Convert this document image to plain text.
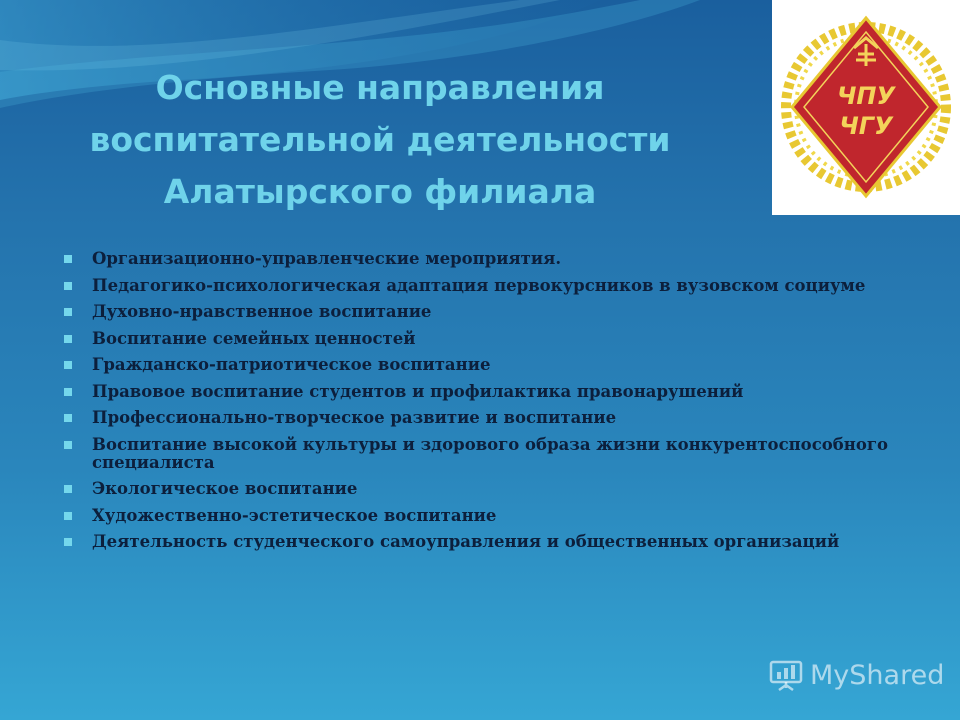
Основные направления
воспитательной деятельности
Алатырского филиала
ЧПУ
ЧГУ
Организационно-управленческие мероприятия.
Педагогико-психологическая адаптация первокурсников в вузовском социуме
Духовно-нравственное воспитание
Воспитание семейных ценностей
Гражданско-патриотическое воспитание
Правовое воспитание студентов и профилактика правонарушений
Профессионально-творческое развитие и воспитание
Воспитание высокой культуры и здорового образа жизни конкурентоспособного специалиста
Экологическое воспитание
Художественно-эстетическое воспитание
Деятельность студенческого самоуправления и общественных организаций
MyShared
